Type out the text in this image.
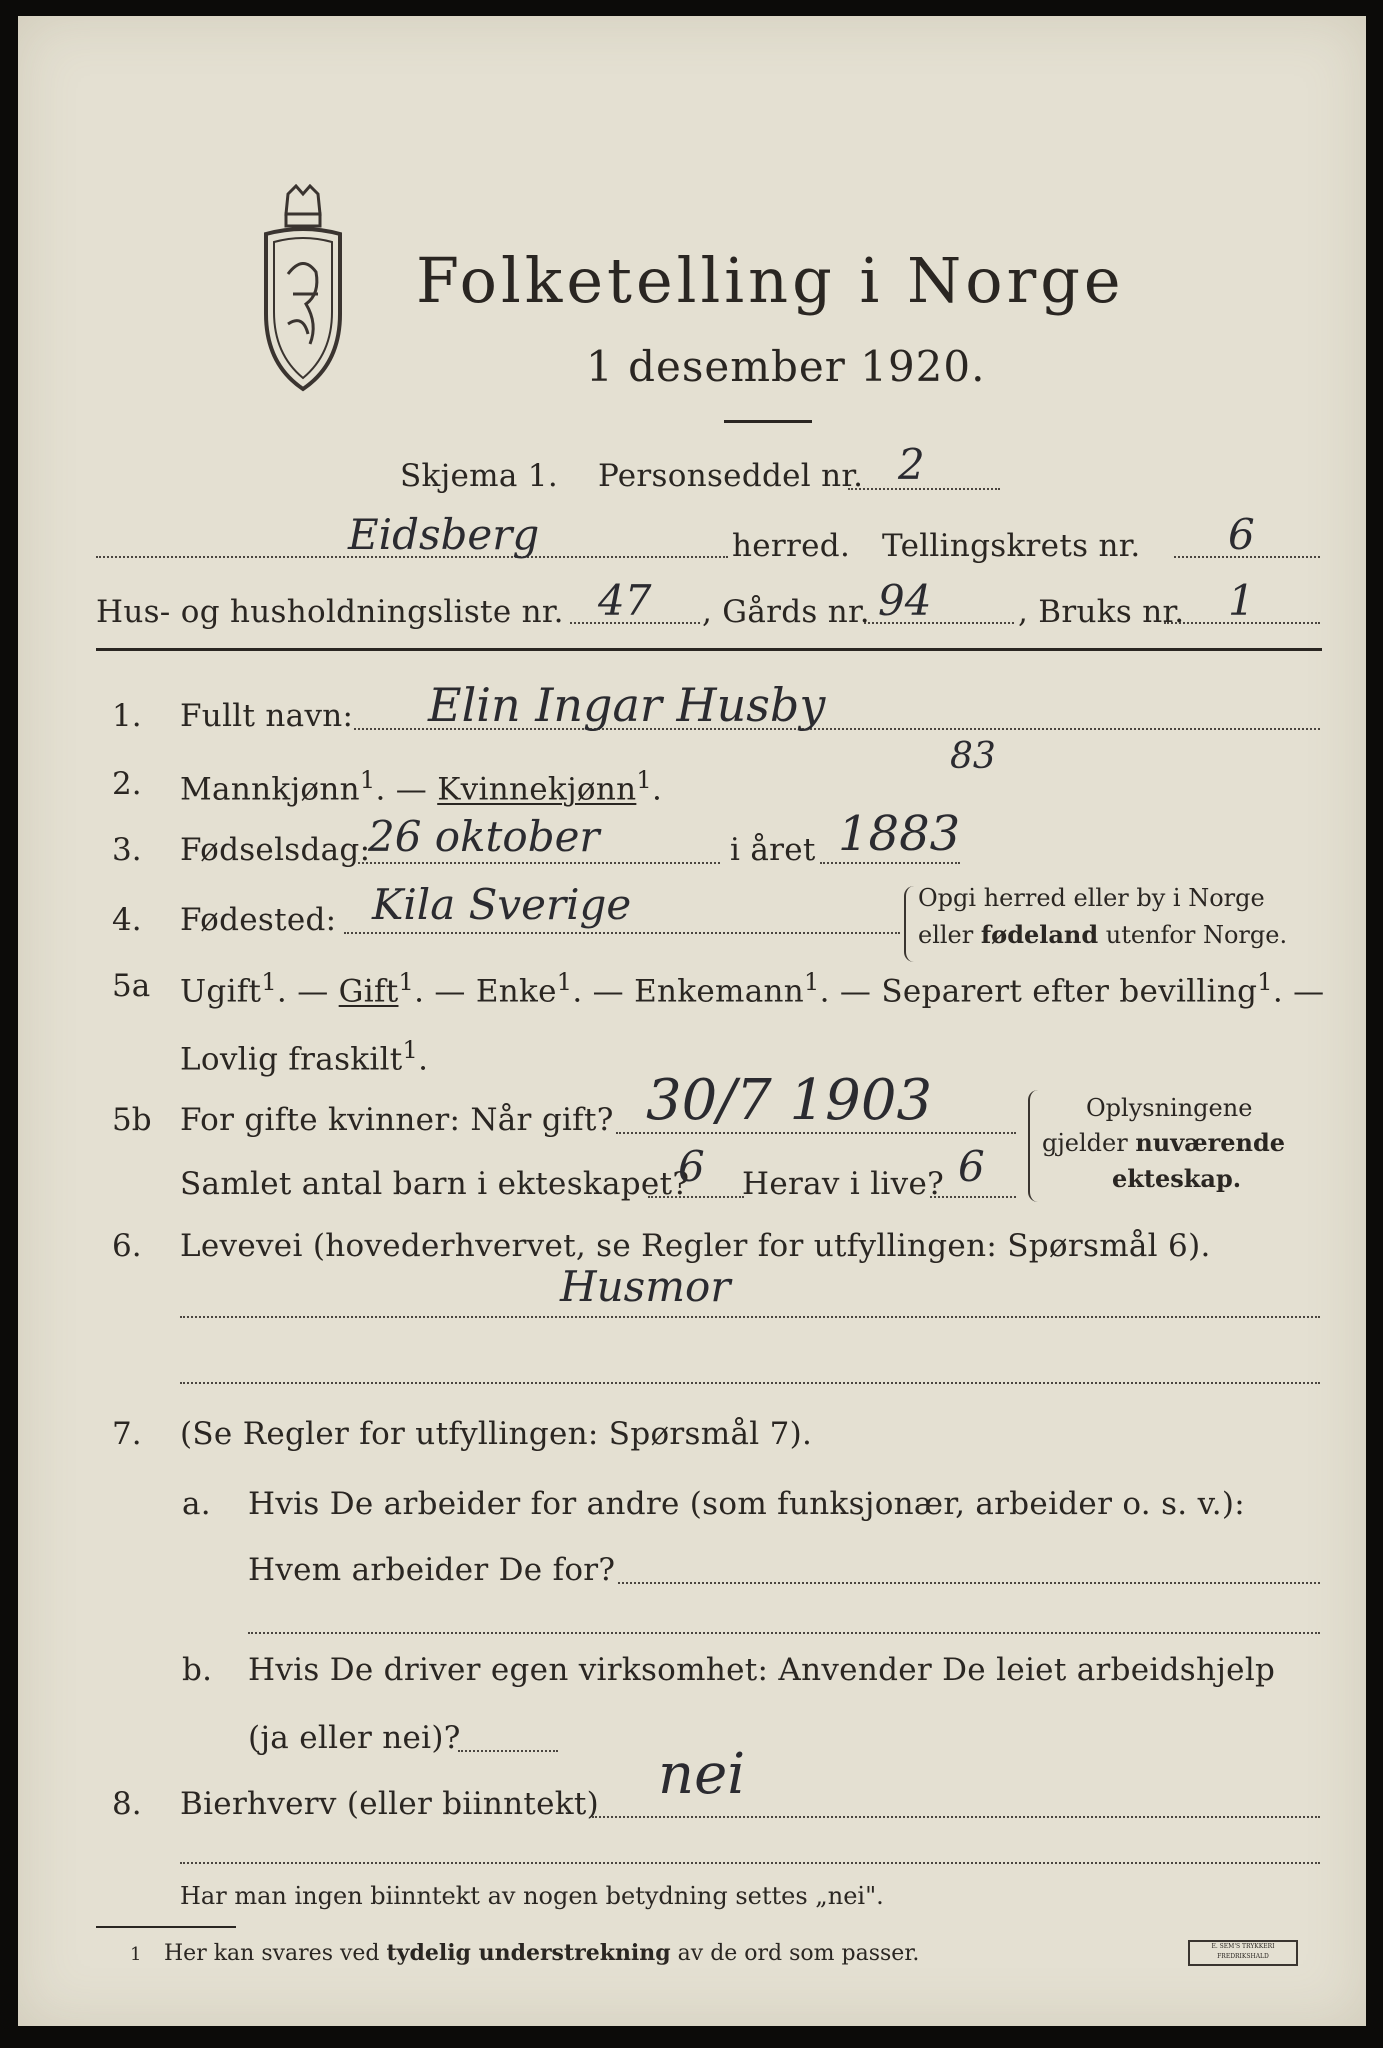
Folketelling i Norge
1 desember 1920.
Skjema 1. Personseddel nr. 2
Eidsberg	herred. Tellingskrets nr. 6
Hus- og husholdningsliste nr. 47 , Gårds nr. 94	, Bruks nr. 1
1. Fullt navn: Elin Ingar Husby
2. Mannkjønn$^1$. — Kvinnekjønn$^1$.
83
3. Fødselsdag:
26 oktober	i året 1883
4. Fødested: Kila Sverige	Opgi herred eller by i Norge
eller fødeland utenfor Norge.
5a Ugift$^1$. — Gift$^1$. — Enke$^1$. — Enkemann$^1$. — Separert efter bevilling$^1$. —
Lovlig fraskilt$^1$.
5b For gifte kvinner: Når gift? 30/7 1903
Samlet antal barn i ekteskapet?
6 Herav i live? 6
Oplysningene
gjelder nuværende
ekteskap.
6. Levevei (hovederhvervet, se Regler for utfyllingen: Spørsmål 6).
Husmor
7. (Se Regler for utfyllingen: Spørsmål 7).
a. Hvis De arbeider for andre (som funksjonær, arbeider o. s. v.):
Hvem arbeider De for?
b. Hvis De driver egen virksomhet: Anvender De leiet arbeidshjelp
(ja eller nei)?
8. Bierhverv (eller biinntekt) nei
Har man ingen biinntekt av nogen betydning settes „nei".
1 Her kan svares ved tydelig understrekning av de ord som passer.	E. SEM'S TRYKKERI FREDRIKSHALD
